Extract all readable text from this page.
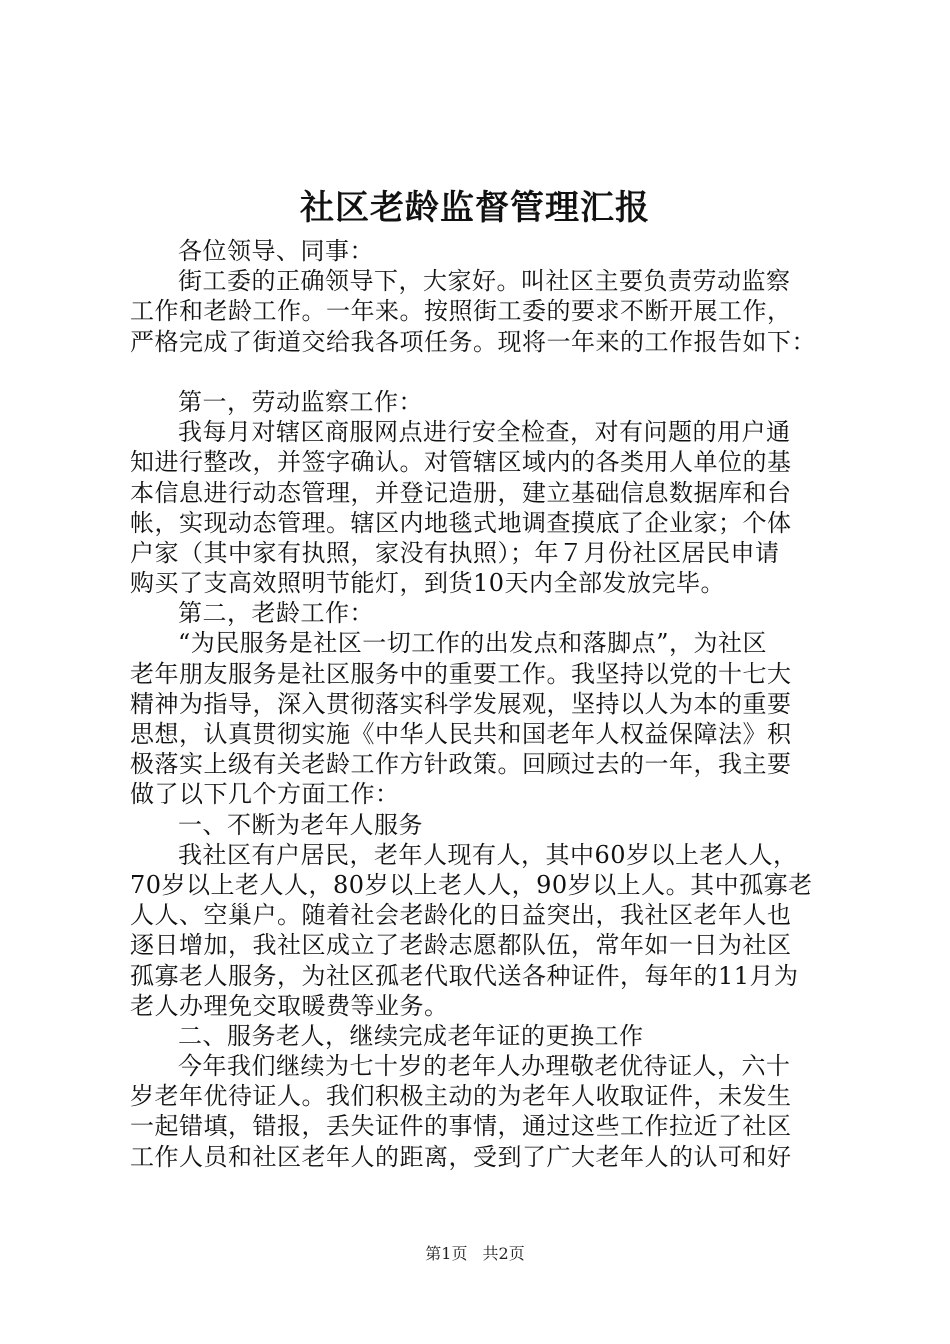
社区老龄监督管理汇报
各位领导、同事：
街工委的正确领导下，大家好。叫社区主要负责劳动监察
工作和老龄工作。一年来。按照街工委的要求不断开展工作，
严格完成了街道交给我各项任务。现将一年来的工作报告如下：
第一，劳动监察工作：
我每月对辖区商服网点进行安全检查，对有问题的用户通
知进行整改，并签字确认。对管辖区域内的各类用人单位的基
本信息进行动态管理，并登记造册，建立基础信息数据库和台
帐，实现动态管理。辖区内地毯式地调查摸底了企业家；个体
户家（其中家有执照，家没有执照）；年７月份社区居民申请
购买了支高效照明节能灯，到货10天内全部发放完毕。
第二，老龄工作：
“为民服务是社区一切工作的出发点和落脚点”，为社区
老年朋友服务是社区服务中的重要工作。我坚持以党的十七大
精神为指导，深入贯彻落实科学发展观，坚持以人为本的重要
思想，认真贯彻实施《中华人民共和国老年人权益保障法》积
极落实上级有关老龄工作方针政策。回顾过去的一年，我主要
做了以下几个方面工作：
一、不断为老年人服务
我社区有户居民，老年人现有人，其中60岁以上老人人，
70岁以上老人人，80岁以上老人人，90岁以上人。其中孤寡老
人人、空巢户。随着社会老龄化的日益突出，我社区老年人也
逐日增加，我社区成立了老龄志愿都队伍，常年如一日为社区
孤寡老人服务，为社区孤老代取代送各种证件，每年的11月为
老人办理免交取暖费等业务。
二、服务老人，继续完成老年证的更换工作
今年我们继续为七十岁的老年人办理敬老优待证人，六十
岁老年优待证人。我们积极主动的为老年人收取证件，未发生
一起错填，错报，丢失证件的事情，通过这些工作拉近了社区
工作人员和社区老年人的距离，受到了广大老年人的认可和好
第1页 共2页
